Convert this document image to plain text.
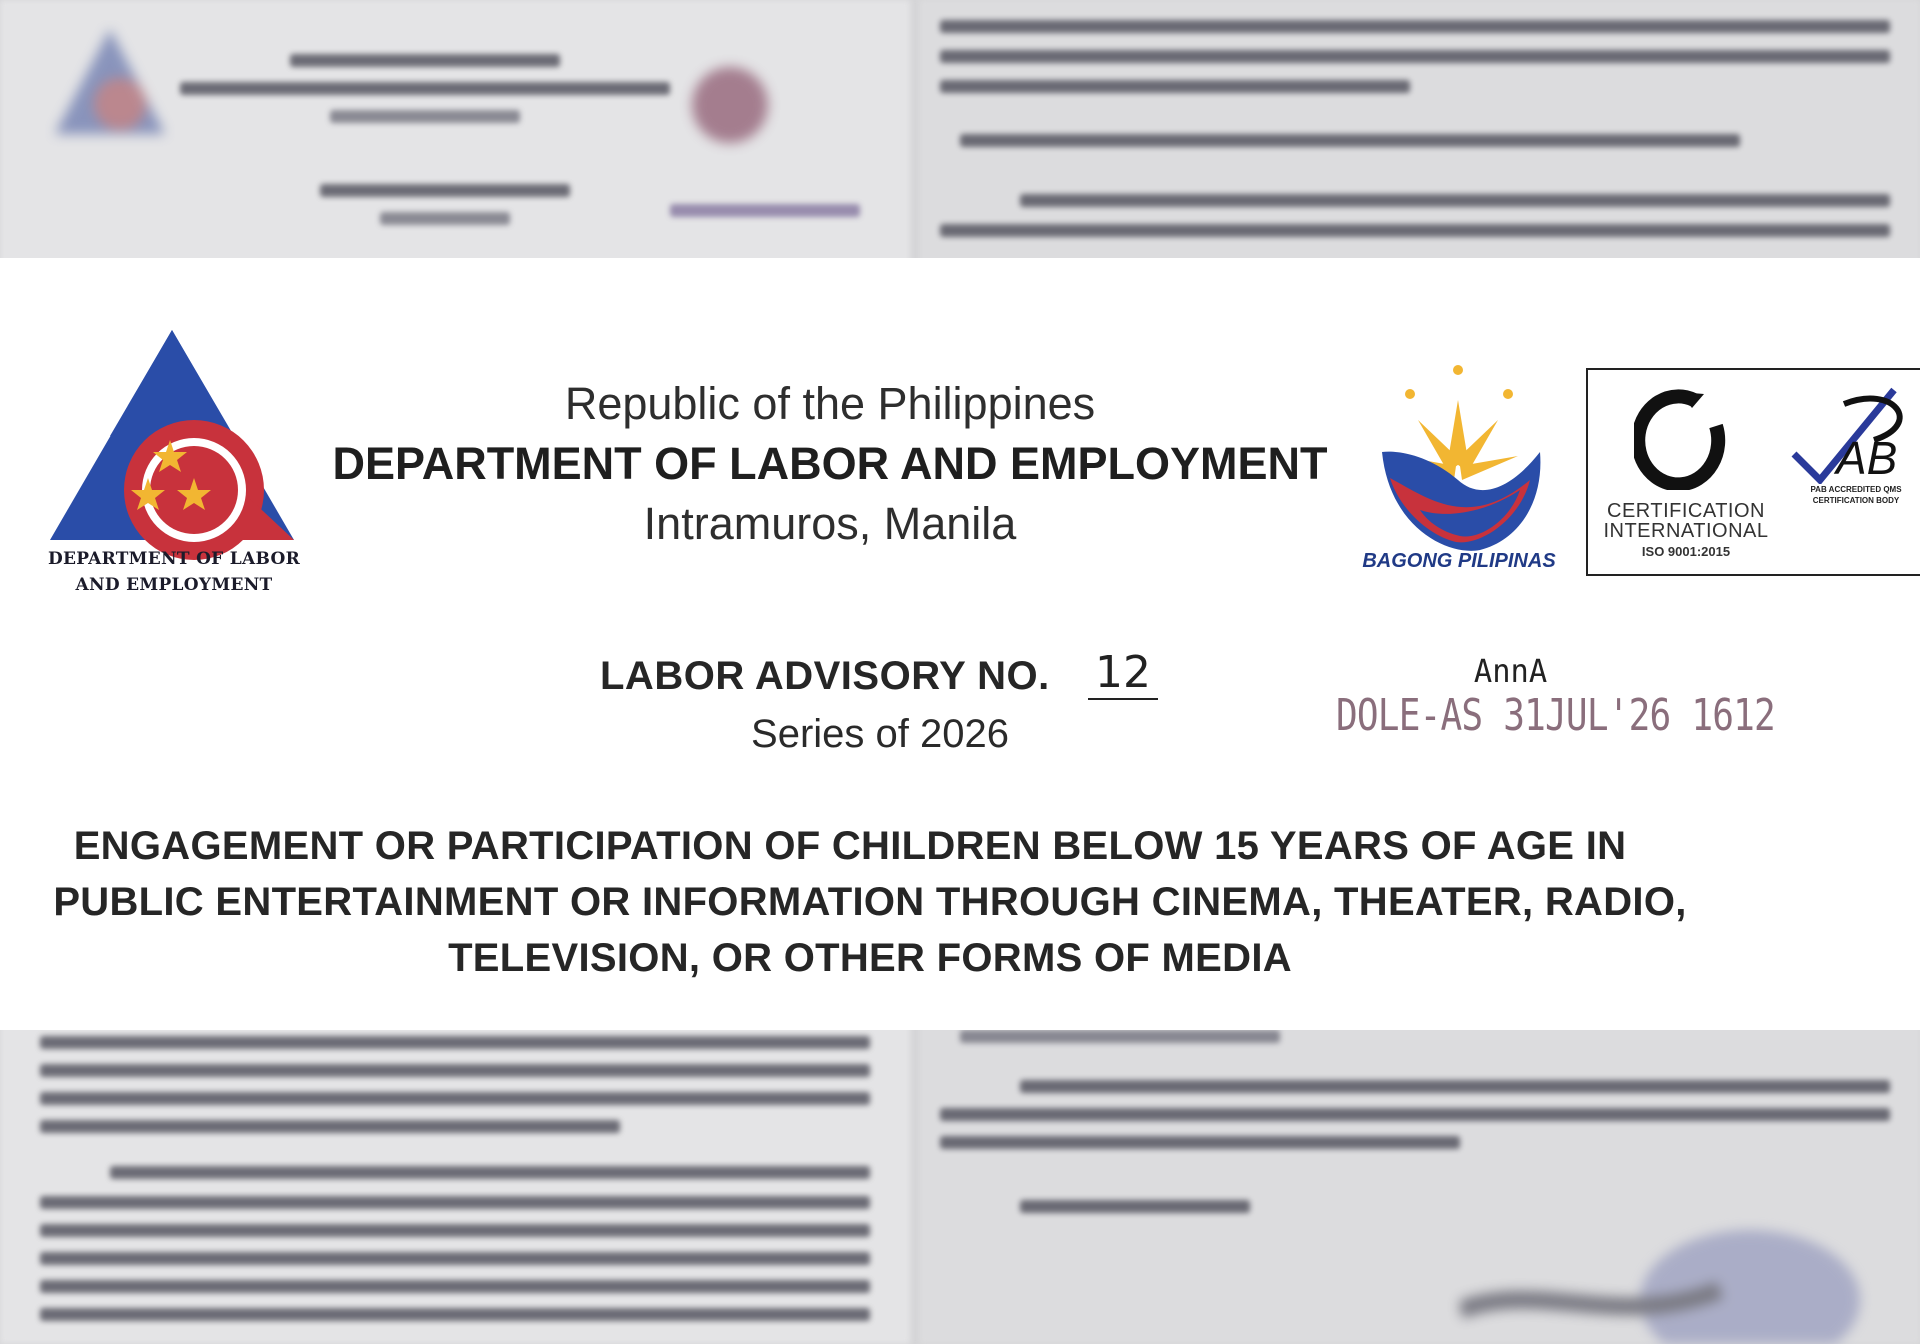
DEPARTMENT OF LABOR
AND EMPLOYMENT
Republic of the Philippines
DEPARTMENT OF LABOR AND EMPLOYMENT
Intramuros, Manila
BAGONG PILIPINAS
CERTIFICATION
INTERNATIONAL
ISO 9001:2015
AB
PAB ACCREDITED QMS CERTIFICATION BODY
LABOR ADVISORY NO. 12
Series of 2026
AnnA
DOLE-AS 31JUL'26 1612
ENGAGEMENT OR PARTICIPATION OF CHILDREN BELOW 15 YEARS OF AGE IN
PUBLIC ENTERTAINMENT OR INFORMATION THROUGH CINEMA, THEATER, RADIO,
TELEVISION, OR OTHER FORMS OF MEDIA
